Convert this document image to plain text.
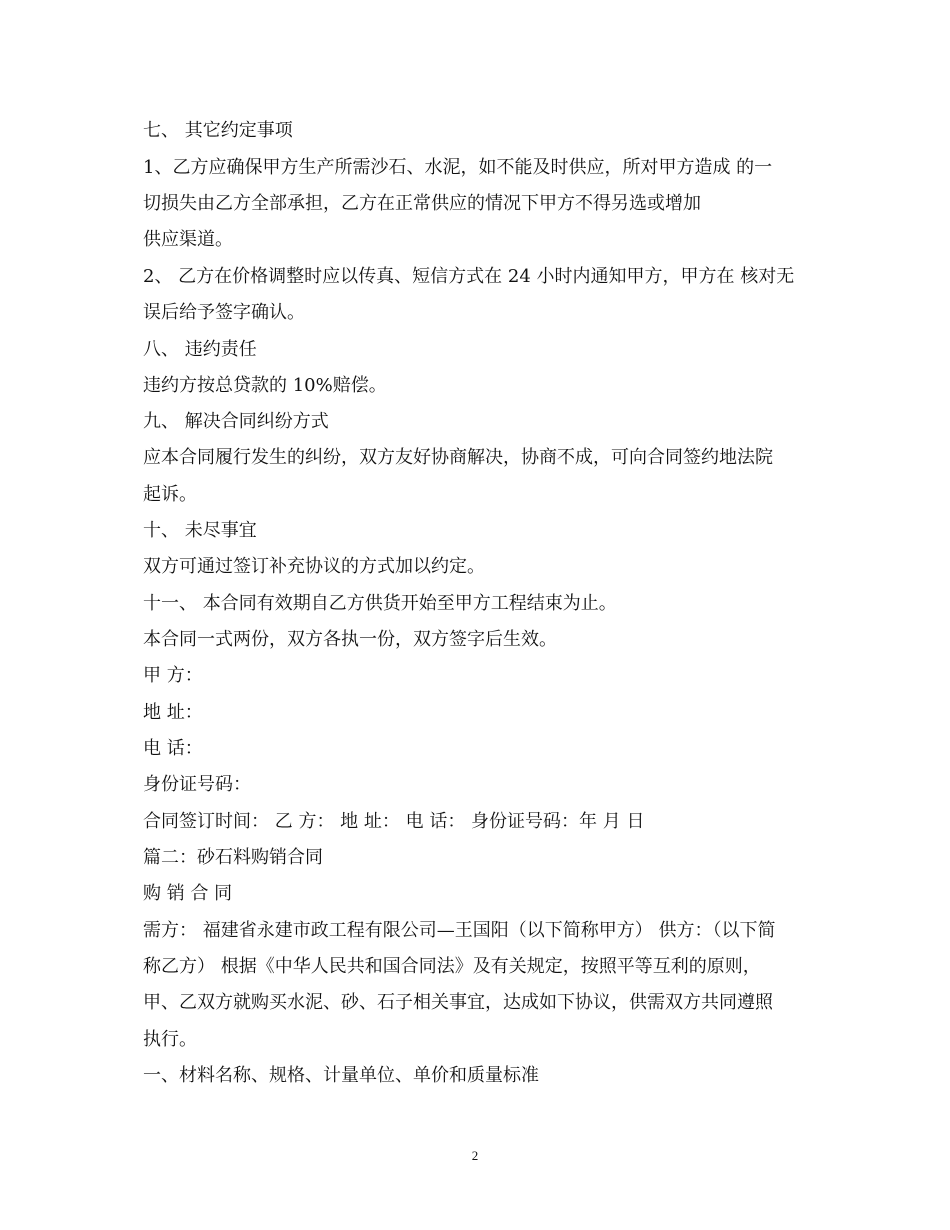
七、 其它约定事项
1、乙方应确保甲方生产所需沙石、水泥，如不能及时供应，所对甲方造成 的一
切损失由乙方全部承担，乙方在正常供应的情况下甲方不得另选或增加
供应渠道。
2、 乙方在价格调整时应以传真、短信方式在 24 小时内通知甲方，甲方在 核对无
误后给予签字确认。
八、 违约责任
违约方按总贷款的 10%赔偿。
九、 解决合同纠纷方式
应本合同履行发生的纠纷，双方友好协商解决，协商不成，可向合同签约地法院
起诉。
十、 未尽事宜
双方可通过签订补充协议的方式加以约定。
十一、 本合同有效期自乙方供货开始至甲方工程结束为止。
本合同一式两份，双方各执一份，双方签字后生效。
甲 方：
地 址：
电 话：
身份证号码：
合同签订时间： 乙 方： 地 址： 电 话： 身份证号码：年 月 日
篇二：砂石料购销合同
购 销 合 同
需方： 福建省永建市政工程有限公司—王国阳（以下简称甲方） 供方：（以下简
称乙方） 根据《中华人民共和国合同法》及有关规定，按照平等互利的原则，
甲、乙双方就购买水泥、砂、石子相关事宜，达成如下协议，供需双方共同遵照
执行。
一、材料名称、规格、计量单位、单价和质量标准
2
